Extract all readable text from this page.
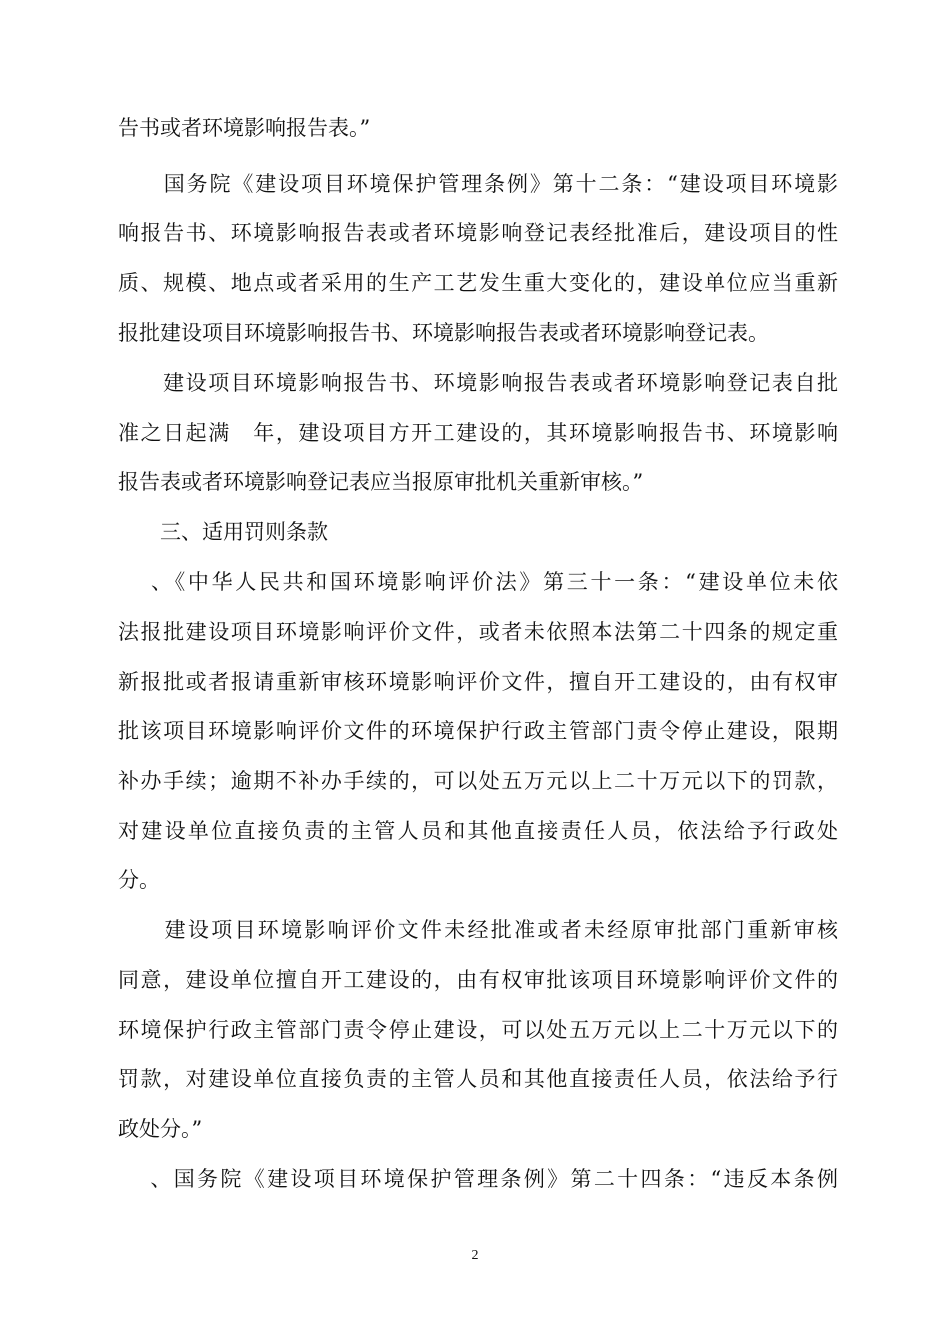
告书或者环境影响报告表。”
　　国务院《建设项目环境保护管理条例》第十二条：“建设项目环境影
响报告书、环境影响报告表或者环境影响登记表经批准后，建设项目的性
质、规模、地点或者采用的生产工艺发生重大变化的，建设单位应当重新
报批建设项目环境影响报告书、环境影响报告表或者环境影响登记表。
　　建设项目环境影响报告书、环境影响报告表或者环境影响登记表自批
准之日起满　年，建设项目方开工建设的，其环境影响报告书、环境影响
报告表或者环境影响登记表应当报原审批机关重新审核。”
　　三、适用罚则条款
　 、《中华人民共和国环境影响评价法》第三十一条：“建设单位未依
法报批建设项目环境影响评价文件，或者未依照本法第二十四条的规定重
新报批或者报请重新审核环境影响评价文件，擅自开工建设的，由有权审
批该项目环境影响评价文件的环境保护行政主管部门责令停止建设，限期
补办手续；逾期不补办手续的，可以处五万元以上二十万元以下的罚款，
对建设单位直接负责的主管人员和其他直接责任人员，依法给予行政处
分。
　　建设项目环境影响评价文件未经批准或者未经原审批部门重新审核
同意，建设单位擅自开工建设的，由有权审批该项目环境影响评价文件的
环境保护行政主管部门责令停止建设，可以处五万元以上二十万元以下的
罚款，对建设单位直接负责的主管人员和其他直接责任人员，依法给予行
政处分。”
　 、国务院《建设项目环境保护管理条例》第二十四条：“违反本条例
2
